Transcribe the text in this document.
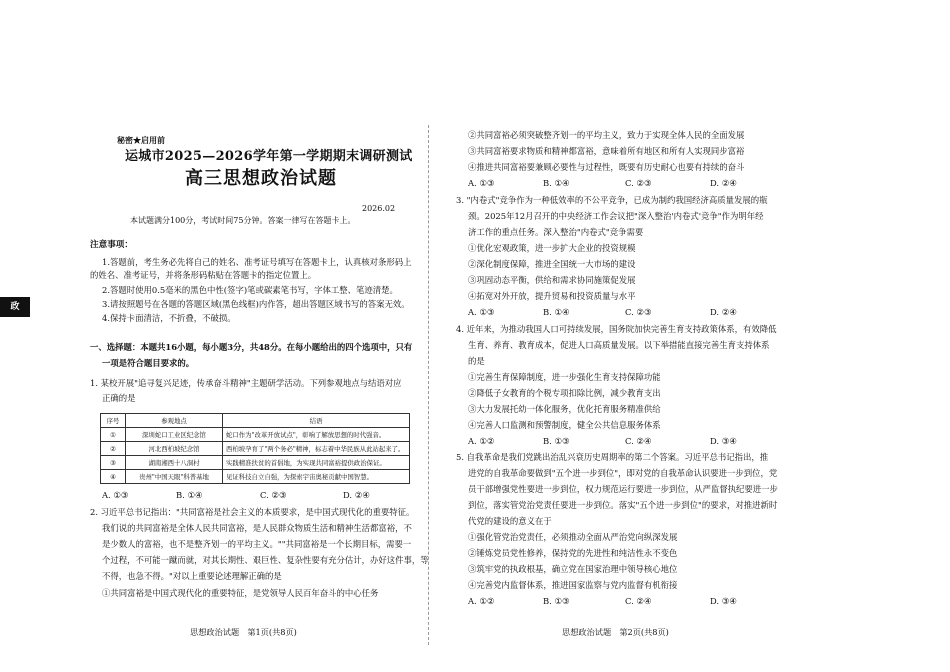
政
秘密★启用前
运城市2025—2026学年第一学期期末调研测试
高三思想政治试题
2026.02
本试题满分100分，考试时间75分钟。答案一律写在答题卡上。
注意事项：
1.答题前，考生务必先将自己的姓名、准考证号填写在答题卡上，认真核对条形码上
的姓名、准考证号，并将条形码粘贴在答题卡的指定位置上。
2.答题时使用0.5毫米的黑色中性(签字)笔或碳素笔书写，字体工整、笔迹清楚。
3.请按照题号在各题的答题区域(黑色线框)内作答，超出答题区域书写的答案无效。
4.保持卡面清洁，不折叠，不破损。
一、选择题：本题共16小题，每小题3分，共48分。在每小题给出的四个选项中，只有
一项是符合题目要求的。
1. 某校开展"追寻复兴足迹，传承奋斗精神"主题研学活动。下列参观地点与结语对应
正确的是
序号	参观地点	结语
①	深圳蛇口工业区纪念馆	蛇口作为"改革开放试点"，彰响了解放思想的时代强音。
②	河北西柏坡纪念馆	西柏坡孕育了"两个务必"精神，标志着中华民族从此站起来了。
③	湖南湘西十八洞村	实践精准扶贫的首倡地，为实现共同富裕提供政治保证。
④	贵州"中国天眼"科普基地	见证科技自立自强，为探索宇宙奥秘贡献中国智慧。
A. ①③	B. ①④	C. ②③	D. ②④
2. 习近平总书记指出："共同富裕是社会主义的本质要求，是中国式现代化的重要特征。
我们说的共同富裕是全体人民共同富裕，是人民群众物质生活和精神生活都富裕，不
是少数人的富裕，也不是整齐划一的平均主义。""共同富裕是一个长期目标，需要一
个过程，不可能一蹴而就，对其长期性、艰巨性、复杂性要有充分估计，办好这件事，等
不得，也急不得。"对以上重要论述理解正确的是
①共同富裕是中国式现代化的重要特征，是党领导人民百年奋斗的中心任务
思想政治试题　第1页(共8页)
②共同富裕必须突破整齐划一的平均主义，致力于实现全体人民的全面发展
③共同富裕要求物质和精神都富裕，意味着所有地区和所有人实现同步富裕
④推进共同富裕要兼顾必要性与过程性，既要有历史耐心也要有持续的奋斗
A. ①③	B. ①④	C. ②③	D. ②④
3. "内卷式"竞争作为一种低效率的不公平竞争，已成为制约我国经济高质量发展的瓶
颈。2025年12月召开的中央经济工作会议把"深入整治'内卷式'竞争"作为明年经
济工作的重点任务。深入整治"内卷式"竞争需要
①优化宏观政策，进一步扩大企业的投资规模
②深化制度保障，推进全国统一大市场的建设
③巩固动态平衡，供给和需求协同施策促发展
④拓宽对外开放，提升贸易和投资质量与水平
A. ①③	B. ①④	C. ②③	D. ②④
4. 近年来，为推动我国人口可持续发展，国务院加快完善生育支持政策体系，有效降低
生育、养育、教育成本，促进人口高质量发展。以下举措能直接完善生育支持体系
的是
①完善生育保障制度，进一步强化生育支持保障功能
②降低子女教育的个税专项扣除比例，减少教育支出
③大力发展托幼一体化服务，优化托育服务精准供给
④完善人口监测和预警制度，健全公共信息服务体系
A. ①②	B. ①③	C. ②④	D. ③④
5. 自我革命是我们党跳出治乱兴衰历史周期率的第二个答案。习近平总书记指出，推
进党的自我革命要做到"五个进一步到位"，即对党的自我革命认识要进一步到位，党
员干部增强党性要进一步到位，权力规范运行要进一步到位，从严监督执纪要进一步
到位，落实管党治党责任要进一步到位。落实"五个进一步到位"的要求，对推进新时
代党的建设的意义在于
①强化管党治党责任，必须推动全面从严治党向纵深发展
②锤炼党员党性修养，保持党的先进性和纯洁性永不变色
③筑牢党的执政根基，确立党在国家治理中领导核心地位
④完善党内监督体系，推进国家监察与党内监督有机衔接
A. ①②	B. ①③	C. ②④	D. ③④
思想政治试题　第2页(共8页)
